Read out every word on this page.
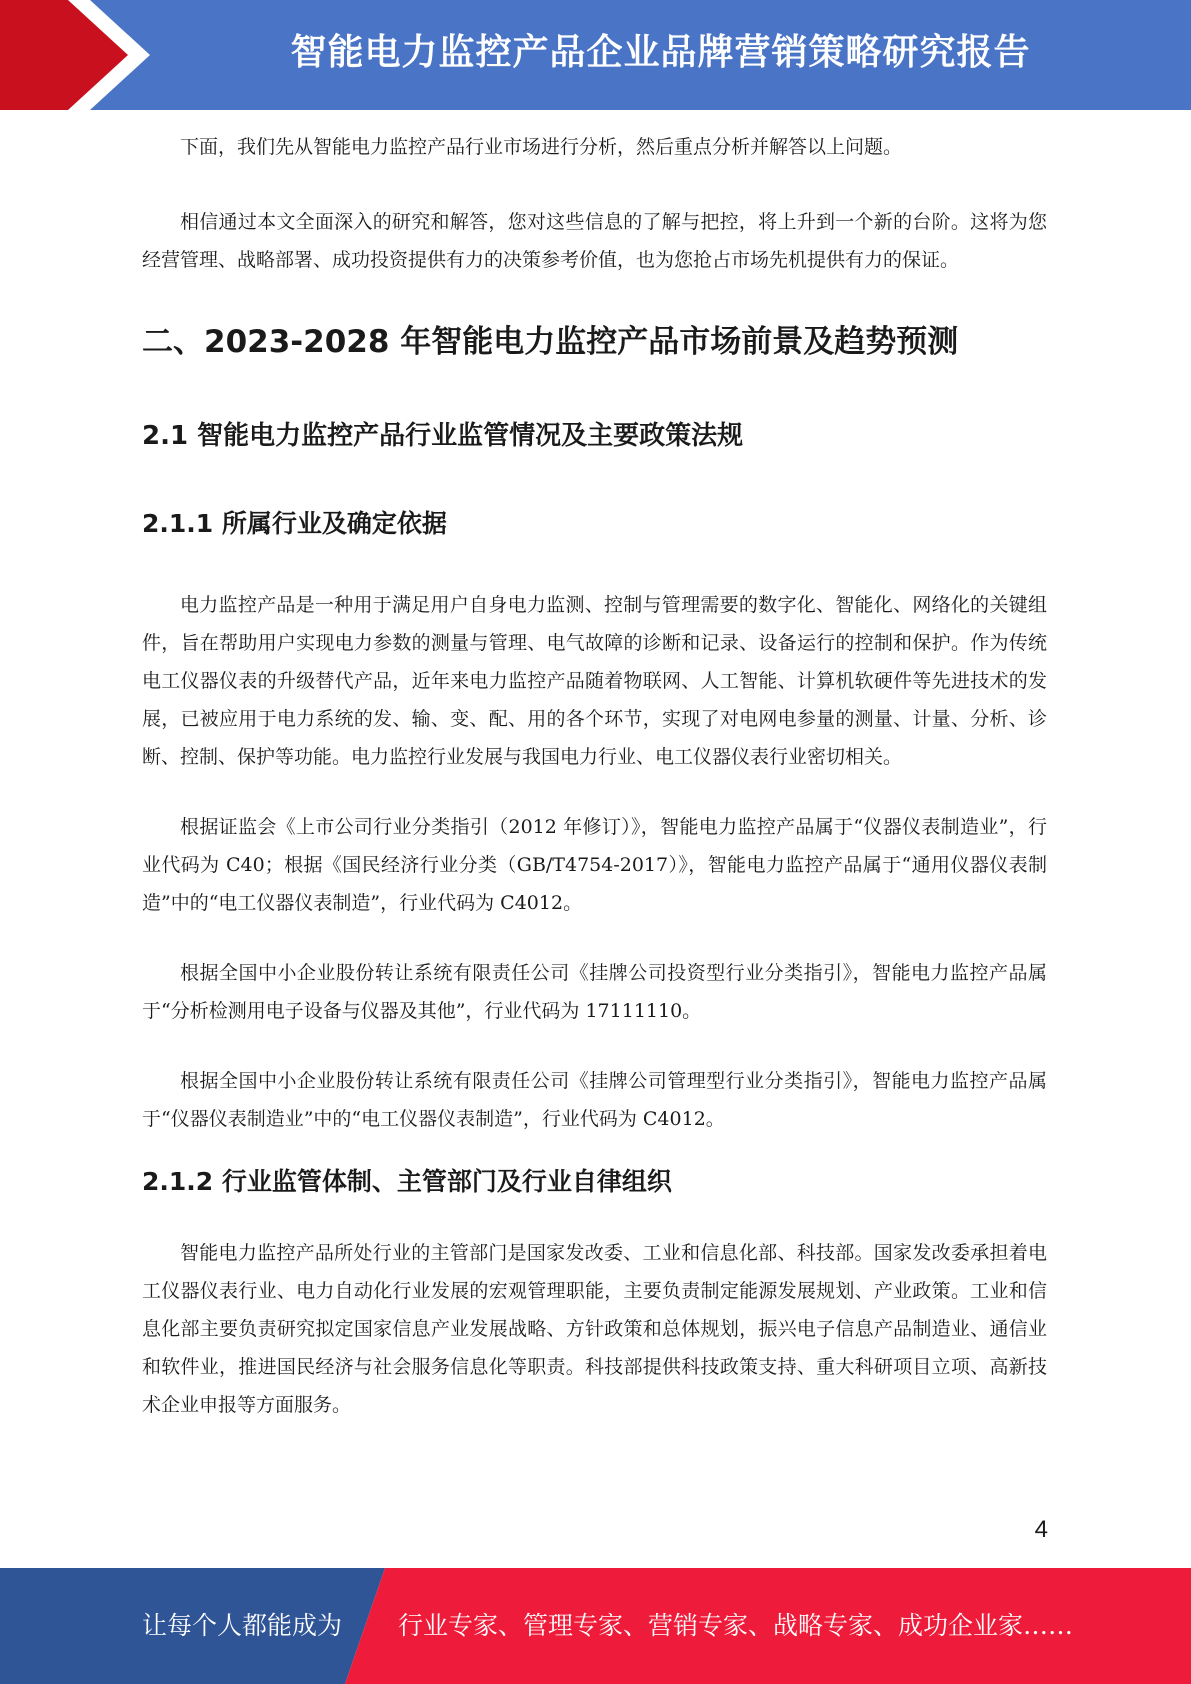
智能电力监控产品企业品牌营销策略研究报告

下面，我们先从智能电力监控产品行业市场进行分析，然后重点分析并解答以上问题。

相信通过本文全面深入的研究和解答，您对这些信息的了解与把控，将上升到一个新的台阶。这将为您经营管理、战略部署、成功投资提供有力的决策参考价值，也为您抢占市场先机提供有力的保证。

二、2023-2028 年智能电力监控产品市场前景及趋势预测
2.1 智能电力监控产品行业监管情况及主要政策法规
2.1.1 所属行业及确定依据

电力监控产品是一种用于满足用户自身电力监测、控制与管理需要的数字化、智能化、网络化的关键组件，旨在帮助用户实现电力参数的测量与管理、电气故障的诊断和记录、设备运行的控制和保护。作为传统电工仪器仪表的升级替代产品，近年来电力监控产品随着物联网、人工智能、计算机软硬件等先进技术的发展，已被应用于电力系统的发、输、变、配、用的各个环节，实现了对电网电参量的测量、计量、分析、诊断、控制、保护等功能。电力监控行业发展与我国电力行业、电工仪器仪表行业密切相关。

根据证监会《上市公司行业分类指引（2012 年修订）》，智能电力监控产品属于“仪器仪表制造业”，行业代码为 C40；根据《国民经济行业分类（GB/T4754-2017）》，智能电力监控产品属于“通用仪器仪表制造”中的“电工仪器仪表制造”，行业代码为 C4012。

根据全国中小企业股份转让系统有限责任公司《挂牌公司投资型行业分类指引》，智能电力监控产品属于“分析检测用电子设备与仪器及其他”，行业代码为 17111110。

根据全国中小企业股份转让系统有限责任公司《挂牌公司管理型行业分类指引》，智能电力监控产品属于“仪器仪表制造业”中的“电工仪器仪表制造”，行业代码为 C4012。

2.1.2 行业监管体制、主管部门及行业自律组织

智能电力监控产品所处行业的主管部门是国家发改委、工业和信息化部、科技部。国家发改委承担着电工仪器仪表行业、电力自动化行业发展的宏观管理职能，主要负责制定能源发展规划、产业政策。工业和信息化部主要负责研究拟定国家信息产业发展战略、方针政策和总体规划，振兴电子信息产品制造业、通信业和软件业，推进国民经济与社会服务信息化等职责。科技部提供科技政策支持、重大科研项目立项、高新技术企业申报等方面服务。

4
让每个人都能成为 行业专家、管理专家、营销专家、战略专家、成功企业家……
